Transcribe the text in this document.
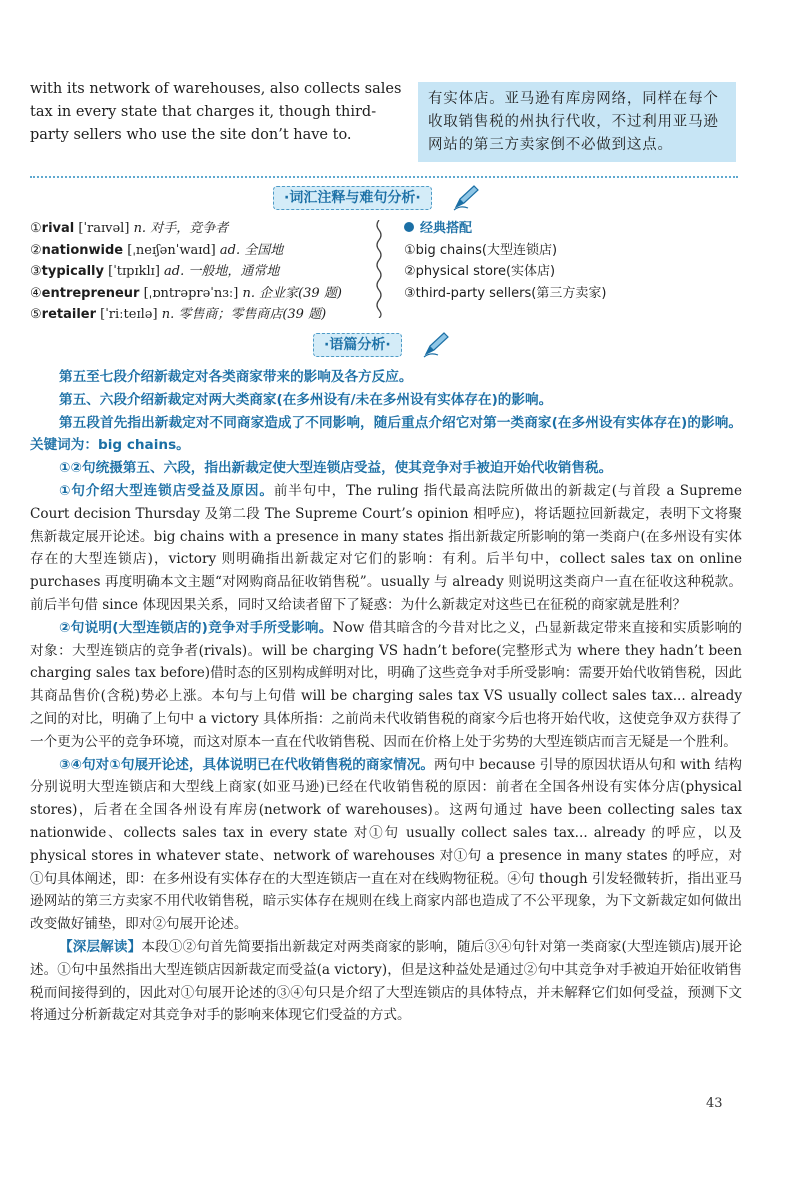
with its network of warehouses, also collects sales tax in every state that charges it, though third-party sellers who use the site don’t have to.
有实体店。亚马逊有库房网络，同样在每个收取销售税的州执行代收，不过利用亚马逊网站的第三方卖家倒不必做到这点。
·词汇注释与难句分析·
①rival [ˈraɪvəl] n. 对手，竞争者
②nationwide [ˌneɪʃənˈwaɪd] ad. 全国地
③typically [ˈtɪpɪklɪ] ad. 一般地，通常地
④entrepreneur [ˌɒntrəprəˈnɜː] n. 企业家(39 题)
⑤retailer [ˈriːteɪlə] n. 零售商；零售商店(39 题)
经典搭配
①big chains(大型连锁店)
②physical store(实体店)
③third-party sellers(第三方卖家)
·语篇分析·

第五至七段介绍新裁定对各类商家带来的影响及各方反应。

第五、六段介绍新裁定对两大类商家(在多州设有/未在多州设有实体存在)的影响。

第五段首先指出新裁定对不同商家造成了不同影响，随后重点介绍它对第一类商家(在多州设有实体存在)的影响。关键词为：big chains。

①②句统摄第五、六段，指出新裁定使大型连锁店受益，使其竞争对手被迫开始代收销售税。

①句介绍大型连锁店受益及原因。前半句中，The ruling 指代最高法院所做出的新裁定(与首段 a Supreme Court decision Thursday 及第二段 The Supreme Court’s opinion 相呼应)，将话题拉回新裁定，表明下文将聚焦新裁定展开论述。big chains with a presence in many states 指出新裁定所影响的第一类商户(在多州设有实体存在的大型连锁店)，victory 则明确指出新裁定对它们的影响：有利。后半句中，collect sales tax on online purchases 再度明确本文主题“对网购商品征收销售税”。usually 与 already 则说明这类商户一直在征收这种税款。前后半句借 since 体现因果关系，同时又给读者留下了疑惑：为什么新裁定对这些已在征税的商家就是胜利？

②句说明(大型连锁店的)竞争对手所受影响。Now 借其暗含的今昔对比之义，凸显新裁定带来直接和实质影响的对象：大型连锁店的竞争者(rivals)。will be charging VS hadn’t before(完整形式为 where they hadn’t been charging sales tax before)借时态的区别构成鲜明对比，明确了这些竞争对手所受影响：需要开始代收销售税，因此其商品售价(含税)势必上涨。本句与上句借 will be charging sales tax VS usually collect sales tax... already 之间的对比，明确了上句中 a victory 具体所指：之前尚未代收销售税的商家今后也将开始代收，这使竞争双方获得了一个更为公平的竞争环境，而这对原本一直在代收销售税、因而在价格上处于劣势的大型连锁店而言无疑是一个胜利。

③④句对①句展开论述，具体说明已在代收销售税的商家情况。两句中 because 引导的原因状语从句和 with 结构分别说明大型连锁店和大型线上商家(如亚马逊)已经在代收销售税的原因：前者在全国各州设有实体分店(physical stores)，后者在全国各州设有库房(network of warehouses)。这两句通过 have been collecting sales tax nationwide、collects sales tax in every state 对①句 usually collect sales tax... already 的呼应，以及 physical stores in whatever state、network of warehouses 对①句 a presence in many states 的呼应，对①句具体阐述，即：在多州设有实体存在的大型连锁店一直在对在线购物征税。④句 though 引发轻微转折，指出亚马逊网站的第三方卖家不用代收销售税，暗示实体存在规则在线上商家内部也造成了不公平现象，为下文新裁定如何做出改变做好铺垫，即对②句展开论述。

【深层解读】本段①②句首先简要指出新裁定对两类商家的影响，随后③④句针对第一类商家(大型连锁店)展开论述。①句中虽然指出大型连锁店因新裁定而受益(a victory)，但是这种益处是通过②句中其竞争对手被迫开始征收销售税而间接得到的，因此对①句展开论述的③④句只是介绍了大型连锁店的具体特点，并未解释它们如何受益，预测下文将通过分析新裁定对其竞争对手的影响来体现它们受益的方式。

43
